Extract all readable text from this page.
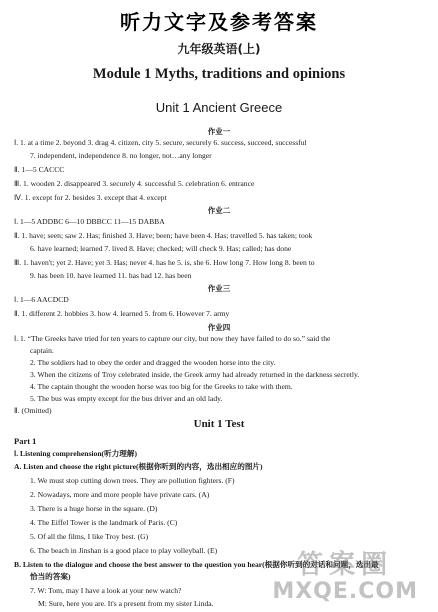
听力文字及参考答案
九年级英语(上)
Module 1 Myths, traditions and opinions
Unit 1 Ancient Greece
作业一
Ⅰ. 1. at a time 2. beyond 3. drag 4. citizen, city 5. secure, securely 6. success, succeed, successful
7. independent, independence 8. no longer, not…any longer
Ⅱ. 1—5 CACCC
Ⅲ. 1. wooden 2. disappeared 3. securely 4. successful 5. celebration 6. entrance
Ⅳ. 1. except for 2. besides 3. except that 4. except
作业二
Ⅰ. 1—5 ADDBC 6—10 DBBCC 11—15 DABBA
Ⅱ. 1. have; seen; saw 2. Has; finished 3. Have; been; have been 4. Has; travelled 5. has taken; took
6. have learned; learned 7. lived 8. Have; checked; will check 9. Has; called; has done
Ⅲ. 1. haven't; yet 2. Have; yet 3. Has; never 4. has he 5. is, she 6. How long 7. How long 8. been to
9. has been 10. have learned 11. has had 12. has been
作业三
Ⅰ. 1—6 AACDCD
Ⅱ. 1. different 2. hobbies 3. how 4. learned 5. from 6. However 7. army
作业四
Ⅰ. 1. “The Greeks have tried for ten years to capture our city, but now they have failed to do so.” said the
captain.
2. The soldiers had to obey the order and dragged the wooden horse into the city.
3. When the citizens of Troy celebrated inside, the Greek army had already returned in the darkness secretly.
4. The captain thought the wooden horse was too big for the Greeks to take with them.
5. The bus was empty except for the bus driver and an old lady.
Ⅱ. (Omitted)
Unit 1 Test
Part 1
Ⅰ. Listening comprehension(听力理解)
A. Listen and choose the right picture(根据你听到的内容，选出相应的图片)
1. We must stop cutting down trees. They are pollution fighters. (F)
2. Nowadays, more and more people have private cars. (A)
3. There is a huge horse in the square. (D)
4. The Eiffel Tower is the landmark of Paris. (C)
5. Of all the films, I like Troy best. (G)
6. The beach in Jinshan is a good place to play volleyball. (E)
B. Listen to the dialogue and choose the best answer to the question you hear(根据你听到的对话和问题，选出最
恰当的答案)
7. W: Tom, may I have a look at your new watch?
M: Sure, here you are. It's a present from my sister Linda.
答案圈
MXQE.COM
